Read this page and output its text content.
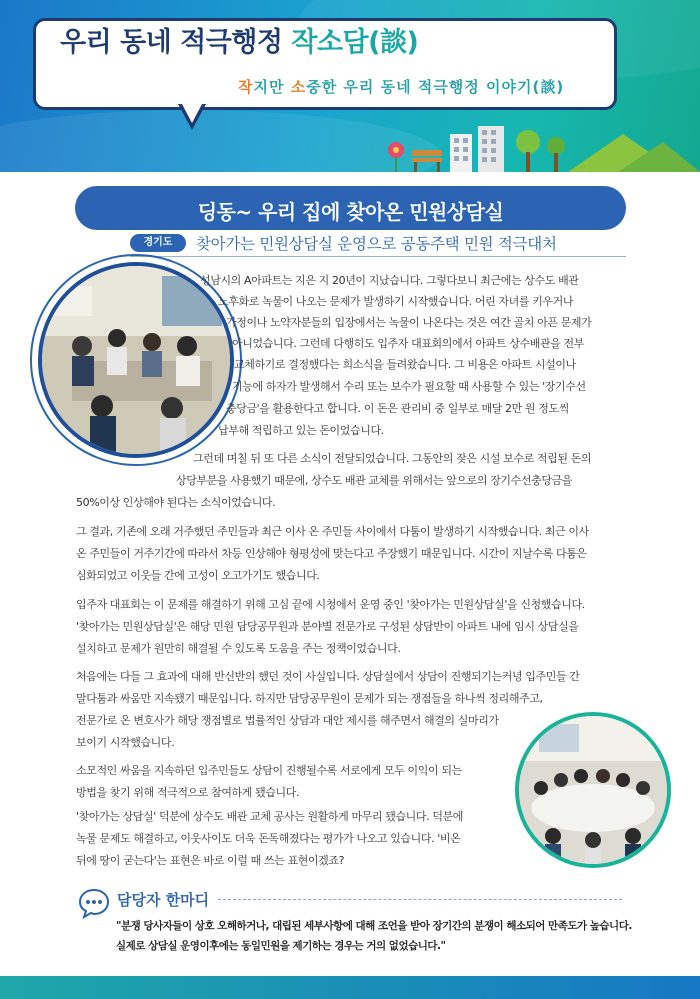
우리 동네 적극행정 작소담(談)
작지만 소중한 우리 동네 적극행정 이야기(談)
딩동~ 우리 집에 찾아온 민원상담실
경기도	찾아가는 민원상담실 운영으로 공동주택 민원 적극대처
성남시의 A아파트는 지은 지 20년이 지났습니다. 그렇다보니 최근에는 상수도 배관
노후화로 녹물이 나오는 문제가 발생하기 시작했습니다. 어린 자녀를 키우거나
가정이나 노약자분들의 입장에서는 녹물이 나온다는 것은 여간 골치 아픈 문제가
아니었습니다. 그런데 다행히도 입주자 대표회의에서 아파트 상수배관을 전부
교체하기로 결정했다는 희소식을 들려왔습니다. 그 비용은 아파트 시설이나
기능에 하자가 발생해서 수리 또는 보수가 필요할 때 사용할 수 있는 '장기수선
충당금'을 활용한다고 합니다. 이 돈은 관리비 중 일부로 매달 2만 원 정도씩
납부해 적립하고 있는 돈이었습니다.
그런데 며칠 뒤 또 다른 소식이 전달되었습니다. 그동안의 잦은 시설 보수로 적립된 돈의
상당부분을 사용했기 때문에, 상수도 배관 교체를 위해서는 앞으로의 장기수선충당금을
50%이상 인상해야 된다는 소식이었습니다.
그 결과, 기존에 오래 거주했던 주민들과 최근 이사 온 주민들 사이에서 다툼이 발생하기 시작했습니다. 최근 이사
온 주민들이 거주기간에 따라서 차등 인상해야 형평성에 맞는다고 주장했기 때문입니다. 시간이 지날수록 다툼은
심화되었고 이웃들 간에 고성이 오고가기도 했습니다.
입주자 대표회는 이 문제를 해결하기 위해 고심 끝에 시청에서 운영 중인 '찾아가는 민원상담실'을 신청했습니다.
'찾아가는 민원상담실'은 해당 민원 담당공무원과 분야별 전문가로 구성된 상담반이 아파트 내에 임시 상담실을
설치하고 문제가 원만히 해결될 수 있도록 도움을 주는 정책이었습니다.
처음에는 다들 그 효과에 대해 반신반의 했던 것이 사실입니다. 상담실에서 상담이 진행되기는커녕 입주민들 간
말다툼과 싸움만 지속됐기 때문입니다. 하지만 담당공무원이 문제가 되는 쟁점들을 하나씩 정리해주고,
전문가로 온 변호사가 해당 쟁점별로 법률적인 상담과 대안 제시를 해주면서 해결의 실마리가
보이기 시작했습니다.
소모적인 싸움을 지속하던 입주민들도 상담이 진행될수록 서로에게 모두 이익이 되는
방법을 찾기 위해 적극적으로 참여하게 됐습니다.
'찾아가는 상담실' 덕분에 상수도 배관 교체 공사는 원활하게 마무리 됐습니다. 덕분에
녹물 문제도 해결하고, 이웃사이도 더욱 돈독해졌다는 평가가 나오고 있습니다. '비온
뒤에 땅이 굳는다'는 표현은 바로 이럴 때 쓰는 표현이겠죠?
담당자 한마디
"분쟁 당사자들이 상호 오해하거나, 대립된 세부사항에 대해 조언을 받아 장기간의 분쟁이 해소되어 만족도가 높습니다.
실제로 상담실 운영이후에는 동일민원을 제기하는 경우는 거의 없었습니다."
